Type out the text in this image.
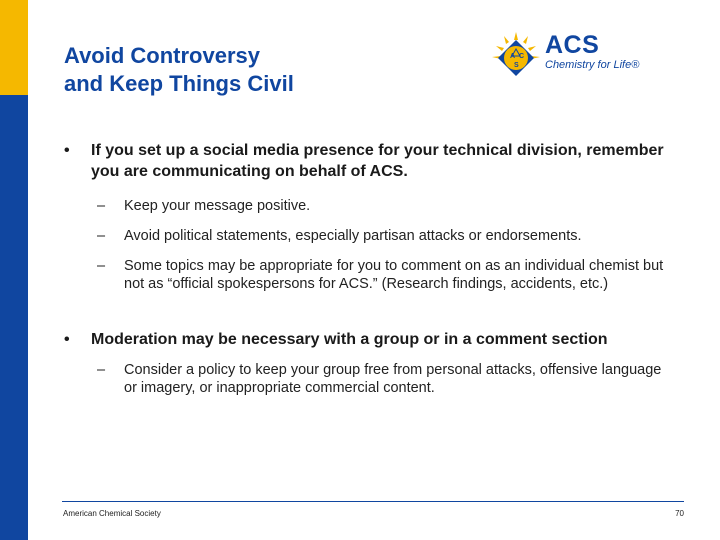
Avoid Controversy
and Keep Things Civil
A C
S
ACS
Chemistry for Life®
• If you set up a social media presence for your technical division, remember you are communicating on behalf of ACS.
– Keep your message positive.
– Avoid political statements, especially partisan attacks or endorsements.
– Some topics may be appropriate for you to comment on as an individual chemist but not as “official spokespersons for ACS.” (Research findings, accidents, etc.)
• Moderation may be necessary with a group or in a comment section
– Consider a policy to keep your group free from personal attacks, offensive language or imagery, or inappropriate commercial content.
American Chemical Society	70
